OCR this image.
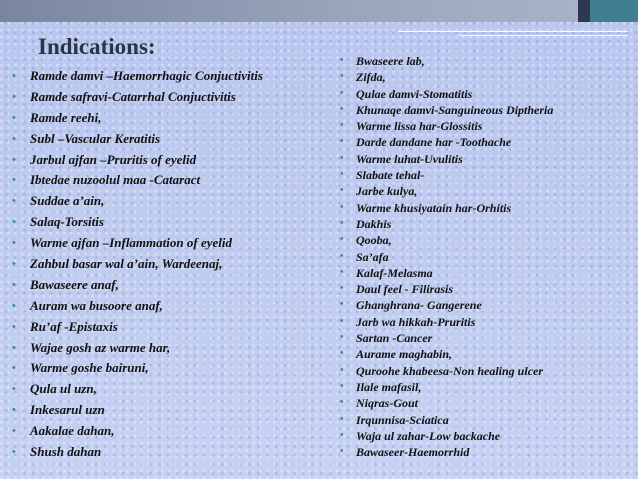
Indications:
• Ramde damvi –Haemorrhagic Conjuctivitis
• Ramde safravi-Catarrhal Conjuctivitis
• Ramde reehi,
• Subl –Vascular Keratitis
• Jarbul ajfan –Pruritis of eyelid
• Ibtedae nuzoolul maa -Cataract
• Suddae a’ain,
• Salaq-Torsitis
• Warme ajfan –Inflammation of eyelid
• Zahbul basar wal a’ain, Wardeenaj,
• Bawaseere anaf,
• Auram wa busoore anaf,
• Ru’af -Epistaxis
• Wajae gosh az warme har,
• Warme goshe bairuni,
• Qula ul uzn,
• Inkesarul uzn
• Aakalae dahan,
• Shush dahan
• Bwaseere lab,
• Zifda,
• Qulae damvi-Stomatitis
• Khunaqe damvi-Sanguineous Diptheria
• Warme lissa har-Glossitis
• Darde dandane har -Toothache
• Warme luhat-Uvulitis
• Slabate tehal-
• Jarbe kulya,
• Warme khusiyatain har-Orhitis
• Dakhis
• Qooba,
• Sa’afa
• Kalaf-Melasma
• Daul feel - Filirasis
• Ghanghrana- Gangerene
• Jarb wa hikkah-Pruritis
• Sartan -Cancer
• Aurame maghabin,
• Quroohe khabeesa-Non healing ulcer
• Ilale mafasil,
• Niqras-Gout
• Irqunnisa-Sciatica
• Waja ul zahar-Low backache
• Bawaseer-Haemorrhid
